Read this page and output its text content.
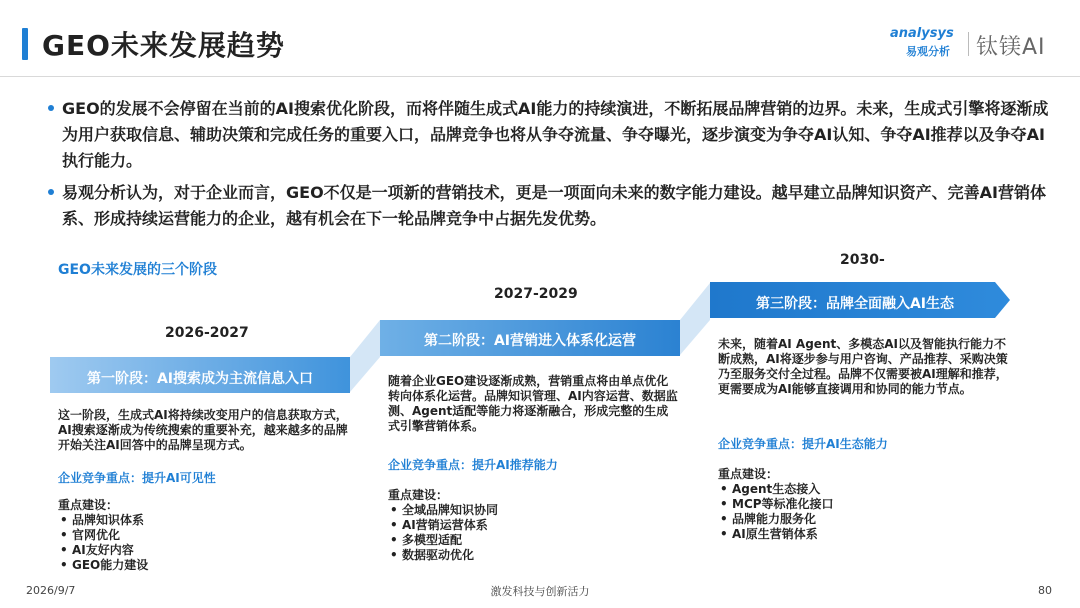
GEO未来发展趋势	analysys
易观分析 钛镁AI

GEO的发展不会停留在当前的AI搜索优化阶段，而将伴随生成式AI能力的持续演进，不断拓展品牌营销的边界。未来，生成式引擎将逐渐成为用户获取信息、辅助决策和完成任务的重要入口，品牌竞争也将从争夺流量、争夺曝光，逐步演变为争夺AI认知、争夺AI推荐以及争夺AI执行能力。

易观分析认为，对于企业而言，GEO不仅是一项新的营销技术，更是一项面向未来的数字能力建设。越早建立品牌知识资产、完善AI营销体系、形成持续运营能力的企业，越有机会在下一轮品牌竞争中占据先发优势。

GEO未来发展的三个阶段
2026-2027
2027-2029
2030-
第一阶段：AI搜索成为主流信息入口
第二阶段：AI营销进入体系化运营
第三阶段：品牌全面融入AI生态
这一阶段，生成式AI将持续改变用户的信息获取方式，AI搜索逐渐成为传统搜索的重要补充，越来越多的品牌开始关注AI回答中的品牌呈现方式。
随着企业GEO建设逐渐成熟，营销重点将由单点优化转向体系化运营。品牌知识管理、AI内容运营、数据监测、Agent适配等能力将逐渐融合，形成完整的生成式引擎营销体系。
未来，随着AI Agent、多模态AI以及智能执行能力不断成熟，AI将逐步参与用户咨询、产品推荐、采购决策乃至服务交付全过程。品牌不仅需要被AI理解和推荐，更需要成为AI能够直接调用和协同的能力节点。
企业竞争重点：提升AI可见性
企业竞争重点：提升AI推荐能力
企业竞争重点：提升AI生态能力
重点建设：
• 品牌知识体系
• 官网优化
• AI友好内容
• GEO能力建设
重点建设：
• 全域品牌知识协同
• AI营销运营体系
• 多模型适配
• 数据驱动优化
重点建设：
• Agent生态接入
• MCP等标准化接口
• 品牌能力服务化
• AI原生营销体系
2026/9/7	激发科技与创新活力	80
